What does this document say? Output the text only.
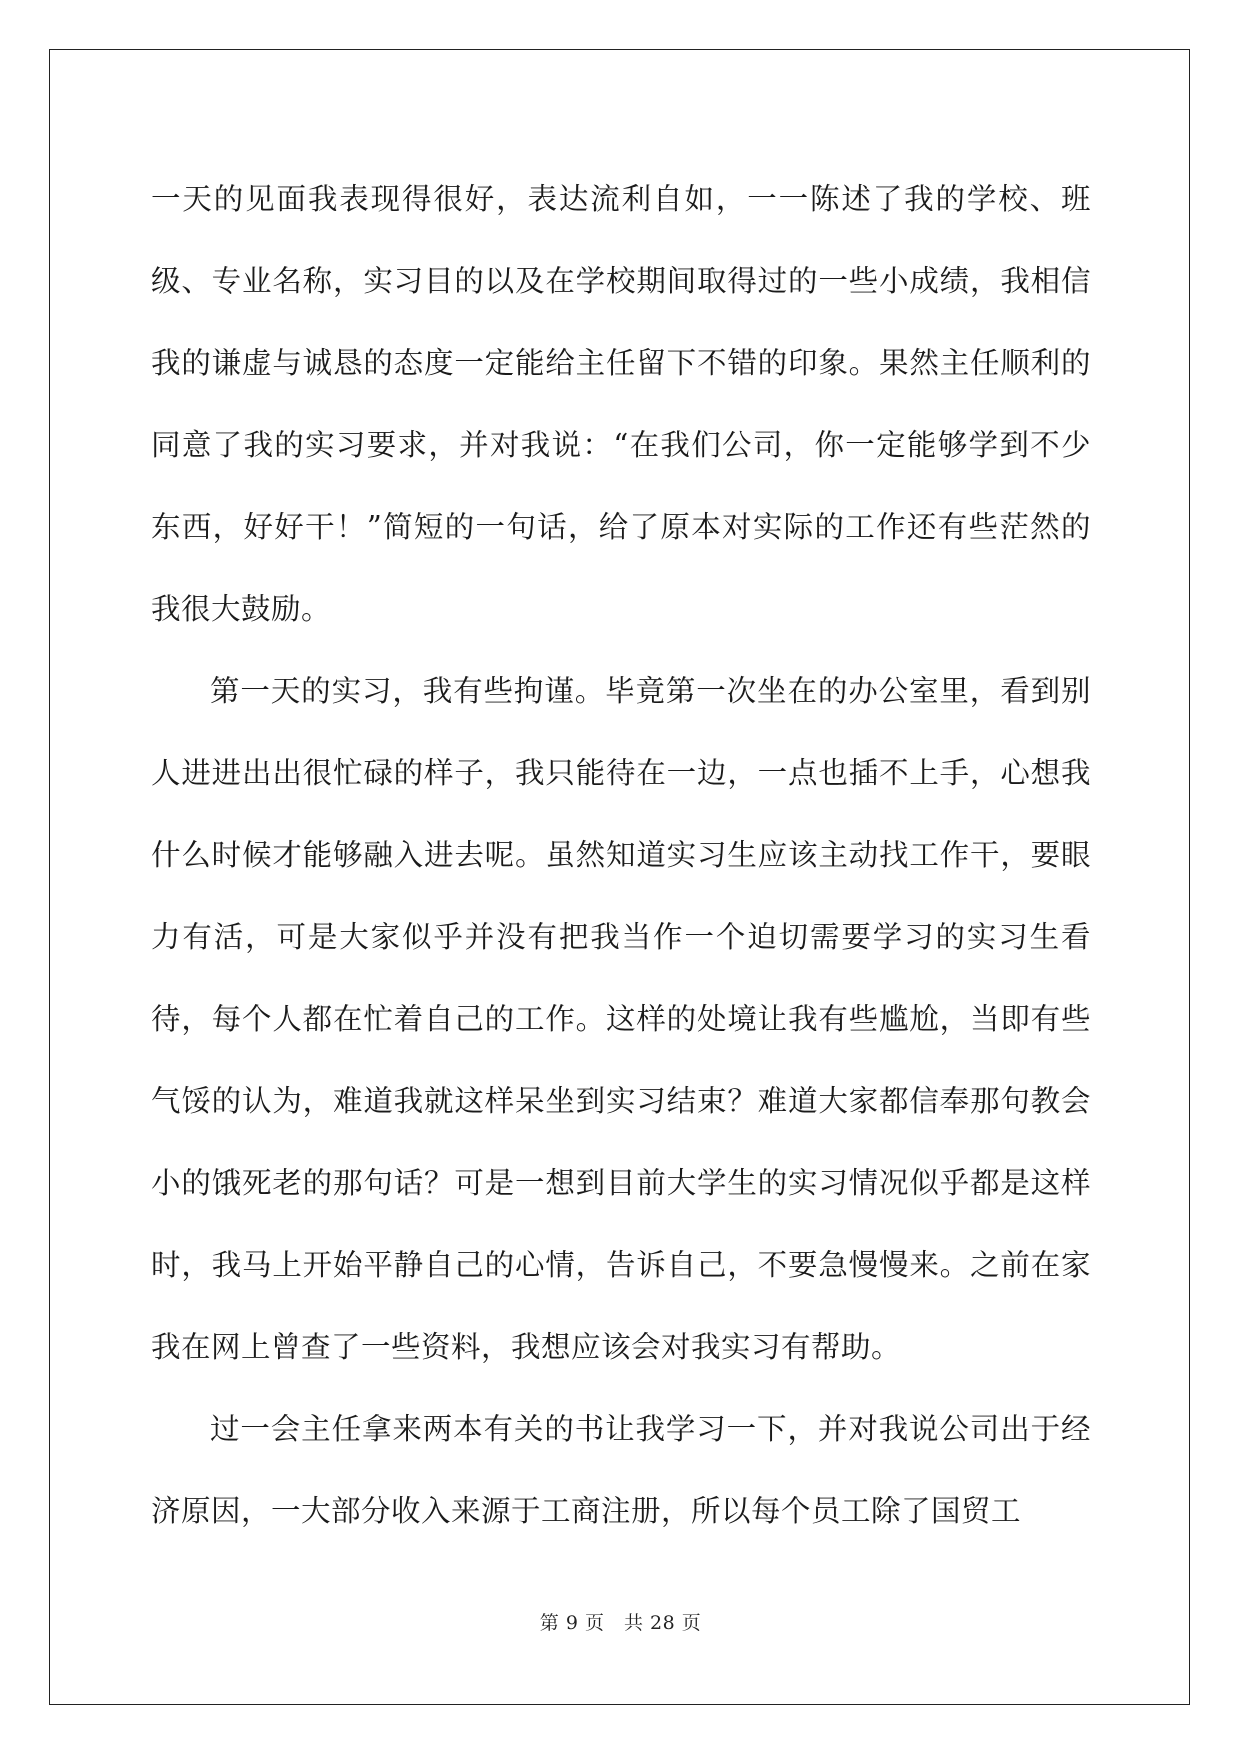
一天的见面我表现得很好，表达流利自如，一一陈述了我的学校、班级、专业名称，实习目的以及在学校期间取得过的一些小成绩，我相信我的谦虚与诚恳的态度一定能给主任留下不错的印象。果然主任顺利的同意了我的实习要求，并对我说：“在我们公司，你一定能够学到不少东西，好好干！”简短的一句话，给了原本对实际的工作还有些茫然的我很大鼓励。

第一天的实习，我有些拘谨。毕竟第一次坐在的办公室里，看到别人进进出出很忙碌的样子，我只能待在一边，一点也插不上手，心想我什么时候才能够融入进去呢。虽然知道实习生应该主动找工作干，要眼力有活，可是大家似乎并没有把我当作一个迫切需要学习的实习生看待，每个人都在忙着自己的工作。这样的处境让我有些尴尬，当即有些气馁的认为，难道我就这样呆坐到实习结束？难道大家都信奉那句教会小的饿死老的那句话？可是一想到目前大学生的实习情况似乎都是这样时，我马上开始平静自己的心情，告诉自己，不要急慢慢来。之前在家我在网上曾查了一些资料，我想应该会对我实习有帮助。

过一会主任拿来两本有关的书让我学习一下，并对我说公司出于经济原因，一大部分收入来源于工商注册，所以每个员工除了国贸工

第 9 页　共 28 页
